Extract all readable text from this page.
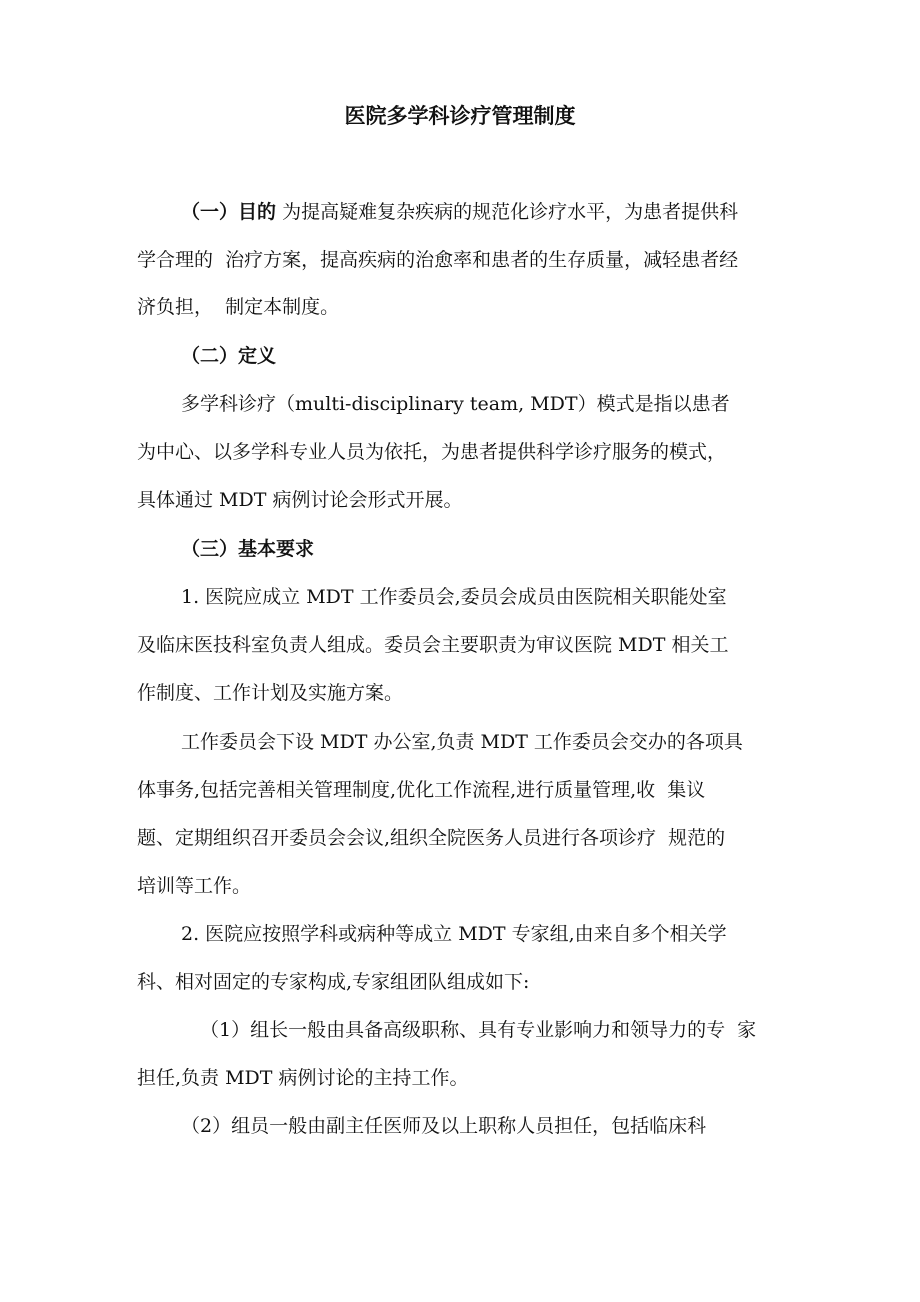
医院多学科诊疗管理制度
（一）目的 为提高疑难复杂疾病的规范化诊疗水平，为患者提供科
学合理的  治疗方案，提高疾病的治愈率和患者的生存质量，减轻患者经
济负担，  制定本制度。
（二）定义
多学科诊疗（multi-disciplinary team, MDT）模式是指以患者
为中心、以多学科专业人员为依托，为患者提供科学诊疗服务的模式，
具体通过 MDT 病例讨论会形式开展。
（三）基本要求
1. 医院应成立 MDT 工作委员会,委员会成员由医院相关职能处室
及临床医技科室负责人组成。委员会主要职责为审议医院 MDT 相关工
作制度、工作计划及实施方案。
工作委员会下设 MDT 办公室,负责 MDT 工作委员会交办的各项具
体事务,包括完善相关管理制度,优化工作流程,进行质量管理,收  集议
题、定期组织召开委员会会议,组织全院医务人员进行各项诊疗  规范的
培训等工作。
2. 医院应按照学科或病种等成立 MDT 专家组,由来自多个相关学
科、相对固定的专家构成,专家组团队组成如下:
（1）组长一般由具备高级职称、具有专业影响力和领导力的专  家
担任,负责 MDT 病例讨论的主持工作。
（2）组员一般由副主任医师及以上职称人员担任，包括临床科
